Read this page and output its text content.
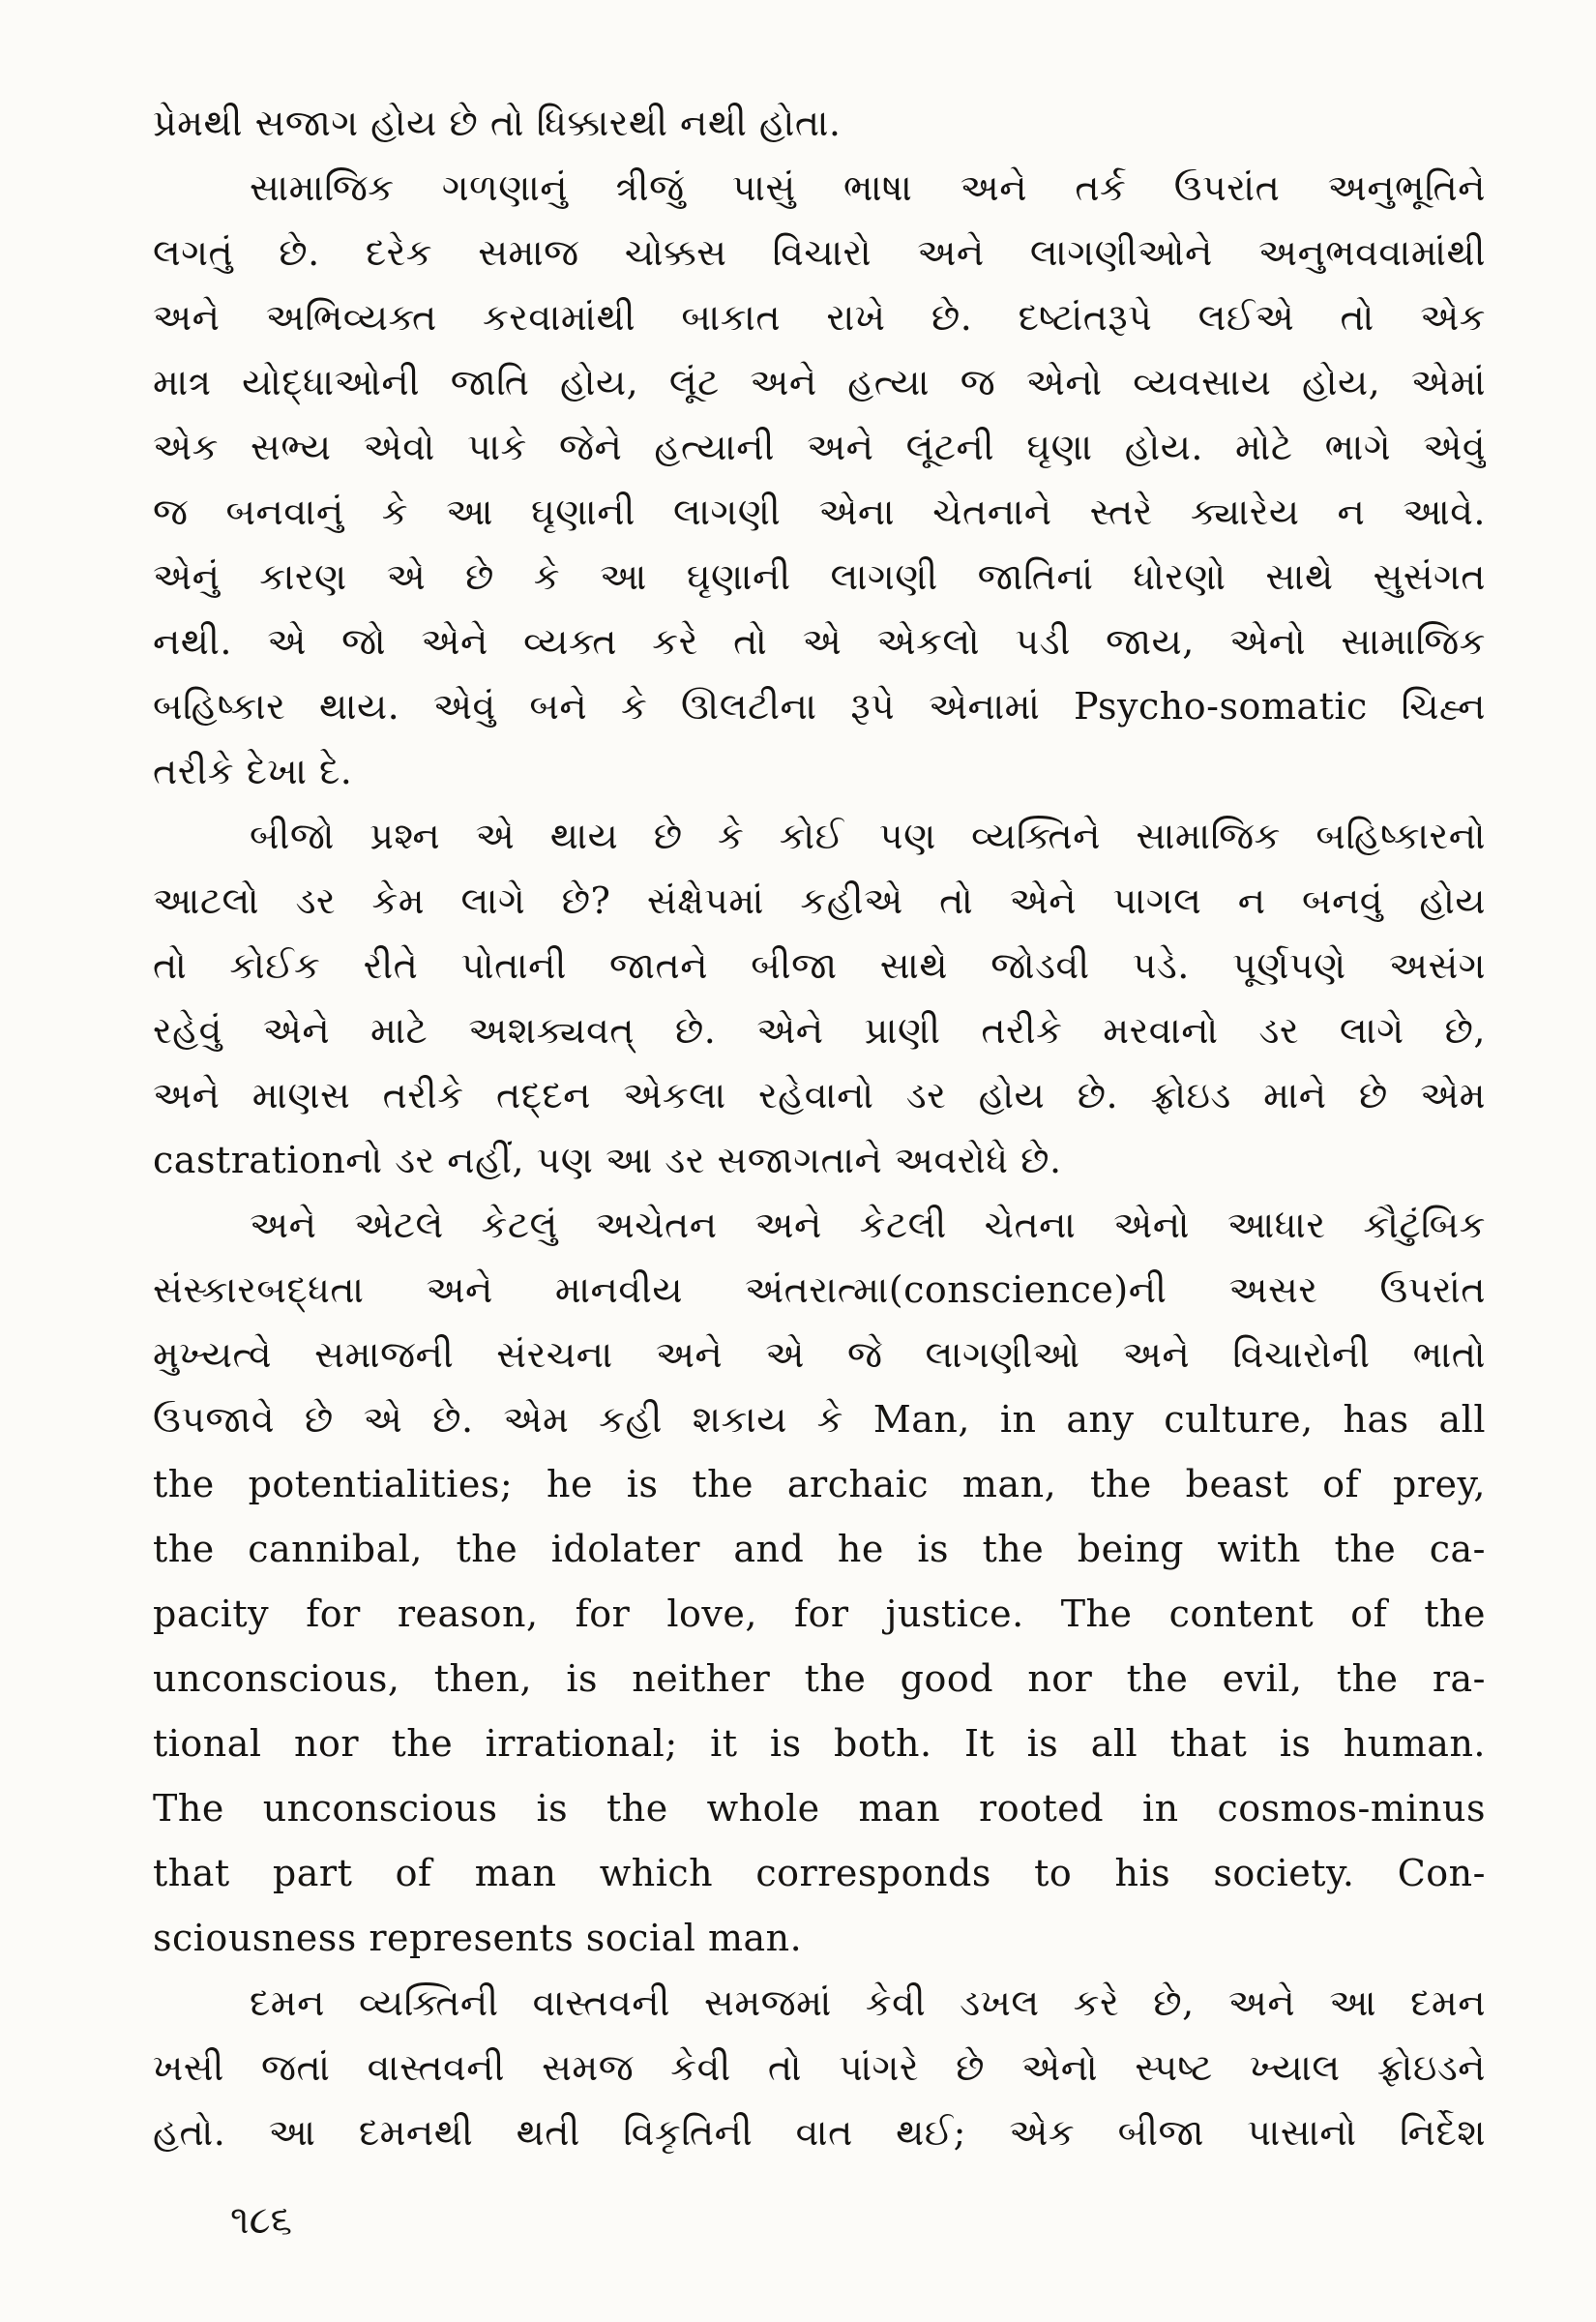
પ્રેમથી સજાગ હોય છે તો ધિક્કારથી નથી હોતા.
સામાજિક ગળણાનું ત્રીજું પાસું ભાષા અને તર્ક ઉપરાંત અનુભૂતિને
લગતું છે. દરેક સમાજ ચોક્કસ વિચારો અને લાગણીઓને અનુભવવામાંથી
અને અભિવ્યક્ત કરવામાંથી બાકાત રાખે છે. દષ્ટાંતરૂપે લઈએ તો એક
માત્ર યોદ્ધાઓની જાતિ હોય, લૂંટ અને હત્યા જ એનો વ્યવસાય હોય, એમાં
એક સભ્ય એવો પાકે જેને હત્યાની અને લૂંટની ઘૃણા હોય. મોટે ભાગે એવું
જ બનવાનું કે આ ઘૃણાની લાગણી એના ચેતનાને સ્તરે ક્યારેય ન આવે.
એનું કારણ એ છે કે આ ઘૃણાની લાગણી જાતિનાં ધોરણો સાથે સુસંગત
નથી. એ જો એને વ્યક્ત કરે તો એ એકલો પડી જાય, એનો સામાજિક
બહિષ્કાર થાય. એવું બને કે ઊલટીના રૂપે એનામાં Psycho-somatic ચિહ્ન
તરીકે દેખા દે.
બીજો પ્રશ્ન એ થાય છે કે કોઈ પણ વ્યક્તિને સામાજિક બહિષ્કારનો
આટલો ડર કેમ લાગે છે? સંક્ષેપમાં કહીએ તો એને પાગલ ન બનવું હોય
તો કોઈક રીતે પોતાની જાતને બીજા સાથે જોડવી પડે. પૂર્ણપણે અસંગ
રહેવું એને માટે અશક્યવત્ છે. એને પ્રાણી તરીકે મરવાનો ડર લાગે છે,
અને માણસ તરીકે તદ્દન એકલા રહેવાનો ડર હોય છે. ફ્રોઇડ માને છે એમ
castrationનો ડર નહીં, પણ આ ડર સજાગતાને અવરોધે છે.
અને એટલે કેટલું અચેતન અને કેટલી ચેતના એનો આધાર કૌટુંબિક
સંસ્કારબદ્ધતા અને માનવીય અંતરાત્મા(conscience)ની અસર ઉપરાંત
મુખ્યત્વે સમાજની સંરચના અને એ જે લાગણીઓ અને વિચારોની ભાતો
ઉપજાવે છે એ છે. એમ કહી શકાય કે Man, in any culture, has all
the potentialities; he is the archaic man, the beast of prey,
the cannibal, the idolater and he is the being with the ca-
pacity for reason, for love, for justice. The content of the
unconscious, then, is neither the good nor the evil, the ra-
tional nor the irrational; it is both. It is all that is human.
The unconscious is the whole man rooted in cosmos-minus
that part of man which corresponds to his society. Con-
sciousness represents social man.
દમન વ્યક્તિની વાસ્તવની સમજમાં કેવી ડખલ કરે છે, અને આ દમન
ખસી જતાં વાસ્તવની સમજ કેવી તો પાંગરે છે એનો સ્પષ્ટ ખ્યાલ ફ્રોઇડને
હતો. આ દમનથી થતી વિકૃતિની વાત થઈ; એક બીજા પાસાનો નિર્દેશ
૧૮૬
